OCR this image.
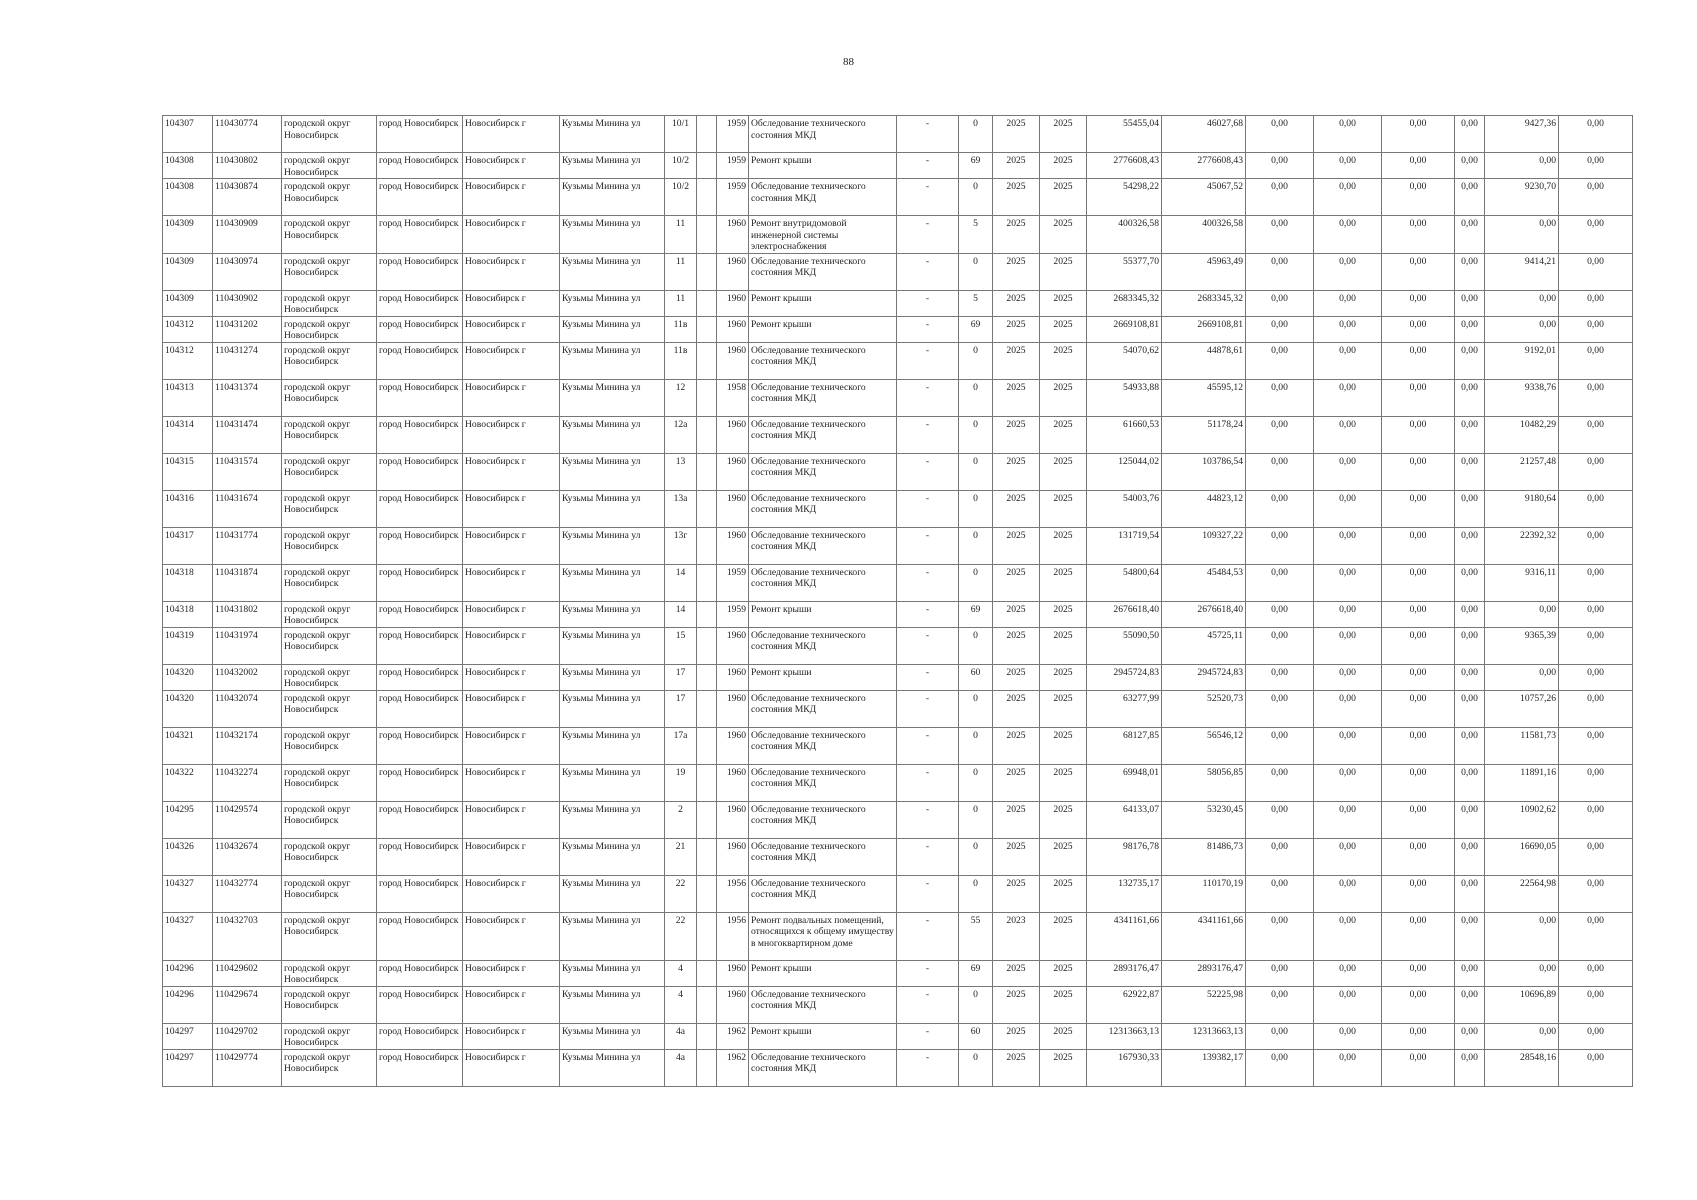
88
104307	110430774	городской округ Новосибирск	город Новосибирск	Новосибирск г	Кузьмы Минина ул	10/1		1959	Обследование технического состояния МКД	-	0	2025	2025	55455,04	46027,68	0,00	0,00	0,00	0,00	9427,36	0,00
104308	110430802	городской округ Новосибирск	город Новосибирск	Новосибирск г	Кузьмы Минина ул	10/2		1959	Ремонт крыши	-	69	2025	2025	2776608,43	2776608,43	0,00	0,00	0,00	0,00	0,00	0,00
104308	110430874	городской округ Новосибирск	город Новосибирск	Новосибирск г	Кузьмы Минина ул	10/2		1959	Обследование технического состояния МКД	-	0	2025	2025	54298,22	45067,52	0,00	0,00	0,00	0,00	9230,70	0,00
104309	110430909	городской округ Новосибирск	город Новосибирск	Новосибирск г	Кузьмы Минина ул	11		1960	Ремонт внутридомовой инженерной системы электроснабжения	-	5	2025	2025	400326,58	400326,58	0,00	0,00	0,00	0,00	0,00	0,00
104309	110430974	городской округ Новосибирск	город Новосибирск	Новосибирск г	Кузьмы Минина ул	11		1960	Обследование технического состояния МКД	-	0	2025	2025	55377,70	45963,49	0,00	0,00	0,00	0,00	9414,21	0,00
104309	110430902	городской округ Новосибирск	город Новосибирск	Новосибирск г	Кузьмы Минина ул	11		1960	Ремонт крыши	-	5	2025	2025	2683345,32	2683345,32	0,00	0,00	0,00	0,00	0,00	0,00
104312	110431202	городской округ Новосибирск	город Новосибирск	Новосибирск г	Кузьмы Минина ул	11в		1960	Ремонт крыши	-	69	2025	2025	2669108,81	2669108,81	0,00	0,00	0,00	0,00	0,00	0,00
104312	110431274	городской округ Новосибирск	город Новосибирск	Новосибирск г	Кузьмы Минина ул	11в		1960	Обследование технического состояния МКД	-	0	2025	2025	54070,62	44878,61	0,00	0,00	0,00	0,00	9192,01	0,00
104313	110431374	городской округ Новосибирск	город Новосибирск	Новосибирск г	Кузьмы Минина ул	12		1958	Обследование технического состояния МКД	-	0	2025	2025	54933,88	45595,12	0,00	0,00	0,00	0,00	9338,76	0,00
104314	110431474	городской округ Новосибирск	город Новосибирск	Новосибирск г	Кузьмы Минина ул	12а		1960	Обследование технического состояния МКД	-	0	2025	2025	61660,53	51178,24	0,00	0,00	0,00	0,00	10482,29	0,00
104315	110431574	городской округ Новосибирск	город Новосибирск	Новосибирск г	Кузьмы Минина ул	13		1960	Обследование технического состояния МКД	-	0	2025	2025	125044,02	103786,54	0,00	0,00	0,00	0,00	21257,48	0,00
104316	110431674	городской округ Новосибирск	город Новосибирск	Новосибирск г	Кузьмы Минина ул	13а		1960	Обследование технического состояния МКД	-	0	2025	2025	54003,76	44823,12	0,00	0,00	0,00	0,00	9180,64	0,00
104317	110431774	городской округ Новосибирск	город Новосибирск	Новосибирск г	Кузьмы Минина ул	13г		1960	Обследование технического состояния МКД	-	0	2025	2025	131719,54	109327,22	0,00	0,00	0,00	0,00	22392,32	0,00
104318	110431874	городской округ Новосибирск	город Новосибирск	Новосибирск г	Кузьмы Минина ул	14		1959	Обследование технического состояния МКД	-	0	2025	2025	54800,64	45484,53	0,00	0,00	0,00	0,00	9316,11	0,00
104318	110431802	городской округ Новосибирск	город Новосибирск	Новосибирск г	Кузьмы Минина ул	14		1959	Ремонт крыши	-	69	2025	2025	2676618,40	2676618,40	0,00	0,00	0,00	0,00	0,00	0,00
104319	110431974	городской округ Новосибирск	город Новосибирск	Новосибирск г	Кузьмы Минина ул	15		1960	Обследование технического состояния МКД	-	0	2025	2025	55090,50	45725,11	0,00	0,00	0,00	0,00	9365,39	0,00
104320	110432002	городской округ Новосибирск	город Новосибирск	Новосибирск г	Кузьмы Минина ул	17		1960	Ремонт крыши	-	60	2025	2025	2945724,83	2945724,83	0,00	0,00	0,00	0,00	0,00	0,00
104320	110432074	городской округ Новосибирск	город Новосибирск	Новосибирск г	Кузьмы Минина ул	17		1960	Обследование технического состояния МКД	-	0	2025	2025	63277,99	52520,73	0,00	0,00	0,00	0,00	10757,26	0,00
104321	110432174	городской округ Новосибирск	город Новосибирск	Новосибирск г	Кузьмы Минина ул	17а		1960	Обследование технического состояния МКД	-	0	2025	2025	68127,85	56546,12	0,00	0,00	0,00	0,00	11581,73	0,00
104322	110432274	городской округ Новосибирск	город Новосибирск	Новосибирск г	Кузьмы Минина ул	19		1960	Обследование технического состояния МКД	-	0	2025	2025	69948,01	58056,85	0,00	0,00	0,00	0,00	11891,16	0,00
104295	110429574	городской округ Новосибирск	город Новосибирск	Новосибирск г	Кузьмы Минина ул	2		1960	Обследование технического состояния МКД	-	0	2025	2025	64133,07	53230,45	0,00	0,00	0,00	0,00	10902,62	0,00
104326	110432674	городской округ Новосибирск	город Новосибирск	Новосибирск г	Кузьмы Минина ул	21		1960	Обследование технического состояния МКД	-	0	2025	2025	98176,78	81486,73	0,00	0,00	0,00	0,00	16690,05	0,00
104327	110432774	городской округ Новосибирск	город Новосибирск	Новосибирск г	Кузьмы Минина ул	22		1956	Обследование технического состояния МКД	-	0	2025	2025	132735,17	110170,19	0,00	0,00	0,00	0,00	22564,98	0,00
104327	110432703	городской округ Новосибирск	город Новосибирск	Новосибирск г	Кузьмы Минина ул	22		1956	Ремонт подвальных помещений, относящихся к общему имуществу в многоквартирном доме	-	55	2023	2025	4341161,66	4341161,66	0,00	0,00	0,00	0,00	0,00	0,00
104296	110429602	городской округ Новосибирск	город Новосибирск	Новосибирск г	Кузьмы Минина ул	4		1960	Ремонт крыши	-	69	2025	2025	2893176,47	2893176,47	0,00	0,00	0,00	0,00	0,00	0,00
104296	110429674	городской округ Новосибирск	город Новосибирск	Новосибирск г	Кузьмы Минина ул	4		1960	Обследование технического состояния МКД	-	0	2025	2025	62922,87	52225,98	0,00	0,00	0,00	0,00	10696,89	0,00
104297	110429702	городской округ Новосибирск	город Новосибирск	Новосибирск г	Кузьмы Минина ул	4а		1962	Ремонт крыши	-	60	2025	2025	12313663,13	12313663,13	0,00	0,00	0,00	0,00	0,00	0,00
104297	110429774	городской округ Новосибирск	город Новосибирск	Новосибирск г	Кузьмы Минина ул	4а		1962	Обследование технического состояния МКД	-	0	2025	2025	167930,33	139382,17	0,00	0,00	0,00	0,00	28548,16	0,00
